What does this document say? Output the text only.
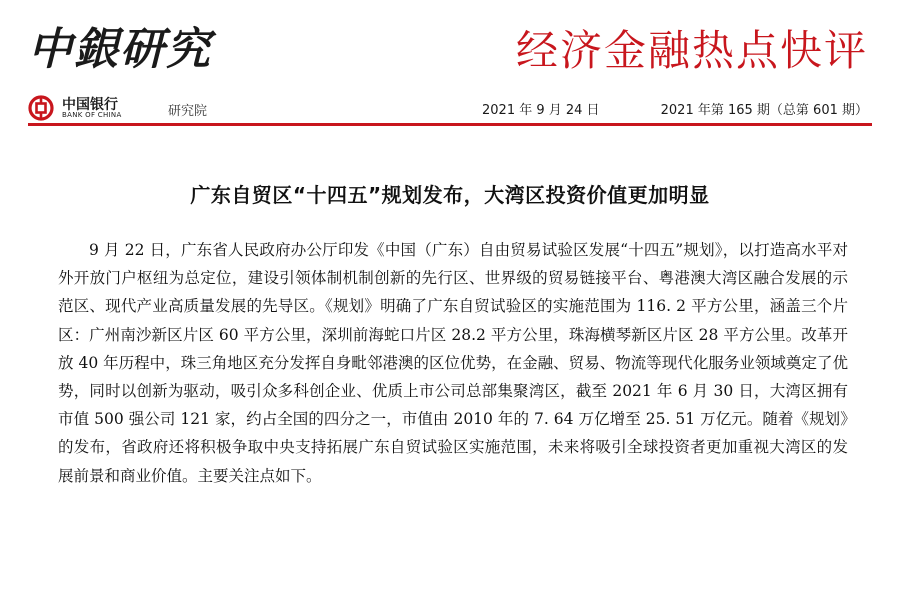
中銀研究	经济金融热点快评
中国银行
BANK OF CHINA	研究院	2021 年 9 月 24 日	2021 年第 165 期（总第 601 期）
广东自贸区“十四五”规划发布，大湾区投资价值更加明显

9 月 22 日，广东省人民政府办公厅印发《中国（广东）自由贸易试验区发展“十四五”规划》，以打造高水平对外开放门户枢纽为总定位，建设引领体制机制创新的先行区、世界级的贸易链接平台、粤港澳大湾区融合发展的示范区、现代产业高质量发展的先导区。《规划》明确了广东自贸试验区的实施范围为 116. 2 平方公里，涵盖三个片区：广州南沙新区片区 60 平方公里，深圳前海蛇口片区 28.2 平方公里，珠海横琴新区片区 28 平方公里。改革开放 40 年历程中，珠三角地区充分发挥自身毗邻港澳的区位优势，在金融、贸易、物流等现代化服务业领域奠定了优势，同时以创新为驱动，吸引众多科创企业、优质上市公司总部集聚湾区，截至 2021 年 6 月 30 日，大湾区拥有市值 500 强公司 121 家，约占全国的四分之一，市值由 2010 年的 7. 64 万亿增至 25. 51 万亿元。随着《规划》的发布，省政府还将积极争取中央支持拓展广东自贸试验区实施范围，未来将吸引全球投资者更加重视大湾区的发展前景和商业价值。主要关注点如下。
